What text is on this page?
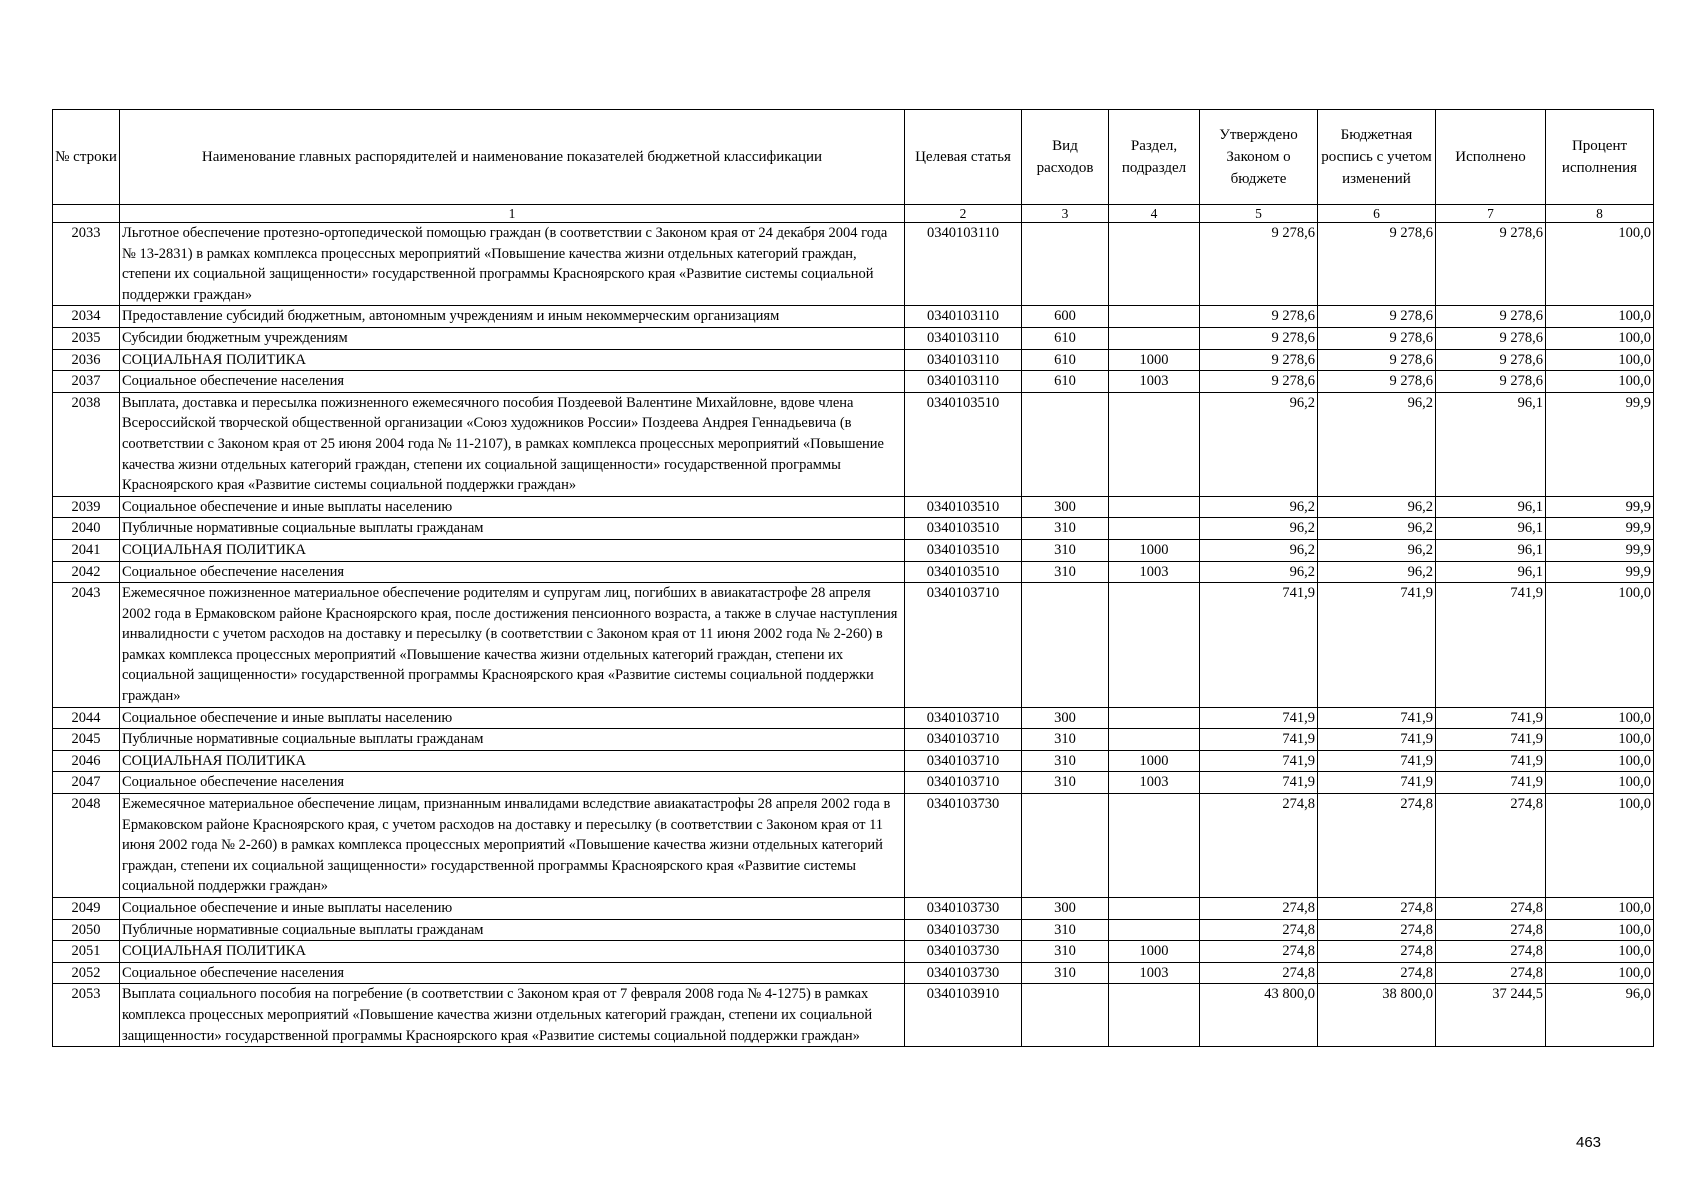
№ строки	Наименование главных распорядителей и наименование показателей бюджетной классификации	Целевая статья	Вид расходов	Раздел, подраздел	Утверждено Законом о бюджете	Бюджетная роспись с учетом изменений	Исполнено	Процент исполнения
	1	2	3	4	5	6	7	8
2033	Льготное обеспечение протезно-ортопедической помощью граждан (в соответствии с Законом края от 24 декабря 2004 года № 13-2831) в рамках комплекса процессных мероприятий «Повышение качества жизни отдельных категорий граждан, степени их социальной защищенности» государственной программы Красноярского края «Развитие системы социальной поддержки граждан»	0340103110			9 278,6	9 278,6	9 278,6	100,0
2034	Предоставление субсидий бюджетным, автономным учреждениям и иным некоммерческим организациям	0340103110	600		9 278,6	9 278,6	9 278,6	100,0
2035	Субсидии бюджетным учреждениям	0340103110	610		9 278,6	9 278,6	9 278,6	100,0
2036	СОЦИАЛЬНАЯ ПОЛИТИКА	0340103110	610	1000	9 278,6	9 278,6	9 278,6	100,0
2037	Социальное обеспечение населения	0340103110	610	1003	9 278,6	9 278,6	9 278,6	100,0
2038	Выплата, доставка и пересылка пожизненного ежемесячного пособия Поздеевой Валентине Михайловне, вдове члена Всероссийской творческой общественной организации «Союз художников России» Поздеева Андрея Геннадьевича (в соответствии с Законом края от 25 июня 2004 года № 11-2107), в рамках комплекса процессных мероприятий «Повышение качества жизни отдельных категорий граждан, степени их социальной защищенности» государственной программы Красноярского края «Развитие системы социальной поддержки граждан»	0340103510			96,2	96,2	96,1	99,9
2039	Социальное обеспечение и иные выплаты населению	0340103510	300		96,2	96,2	96,1	99,9
2040	Публичные нормативные социальные выплаты гражданам	0340103510	310		96,2	96,2	96,1	99,9
2041	СОЦИАЛЬНАЯ ПОЛИТИКА	0340103510	310	1000	96,2	96,2	96,1	99,9
2042	Социальное обеспечение населения	0340103510	310	1003	96,2	96,2	96,1	99,9
2043	Ежемесячное пожизненное материальное обеспечение родителям и супругам лиц, погибших в авиакатастрофе 28 апреля 2002 года в Ермаковском районе Красноярского края, после достижения пенсионного возраста, а также в случае наступления инвалидности с учетом расходов на доставку и пересылку (в соответствии с Законом края от 11 июня 2002 года № 2-260) в рамках комплекса процессных мероприятий «Повышение качества жизни отдельных категорий граждан, степени их социальной защищенности» государственной программы Красноярского края «Развитие системы социальной поддержки граждан»	0340103710			741,9	741,9	741,9	100,0
2044	Социальное обеспечение и иные выплаты населению	0340103710	300		741,9	741,9	741,9	100,0
2045	Публичные нормативные социальные выплаты гражданам	0340103710	310		741,9	741,9	741,9	100,0
2046	СОЦИАЛЬНАЯ ПОЛИТИКА	0340103710	310	1000	741,9	741,9	741,9	100,0
2047	Социальное обеспечение населения	0340103710	310	1003	741,9	741,9	741,9	100,0
2048	Ежемесячное материальное обеспечение лицам, признанным инвалидами вследствие авиакатастрофы 28 апреля 2002 года в Ермаковском районе Красноярского края, с учетом расходов на доставку и пересылку (в соответствии с Законом края от 11 июня 2002 года № 2-260) в рамках комплекса процессных мероприятий «Повышение качества жизни отдельных категорий граждан, степени их социальной защищенности» государственной программы Красноярского края «Развитие системы социальной поддержки граждан»	0340103730			274,8	274,8	274,8	100,0
2049	Социальное обеспечение и иные выплаты населению	0340103730	300		274,8	274,8	274,8	100,0
2050	Публичные нормативные социальные выплаты гражданам	0340103730	310		274,8	274,8	274,8	100,0
2051	СОЦИАЛЬНАЯ ПОЛИТИКА	0340103730	310	1000	274,8	274,8	274,8	100,0
2052	Социальное обеспечение населения	0340103730	310	1003	274,8	274,8	274,8	100,0
2053	Выплата социального пособия на погребение (в соответствии с Законом края от 7 февраля 2008 года № 4-1275) в рамках комплекса процессных мероприятий «Повышение качества жизни отдельных категорий граждан, степени их социальной защищенности» государственной программы Красноярского края «Развитие системы социальной поддержки граждан»	0340103910			43 800,0	38 800,0	37 244,5	96,0
463
